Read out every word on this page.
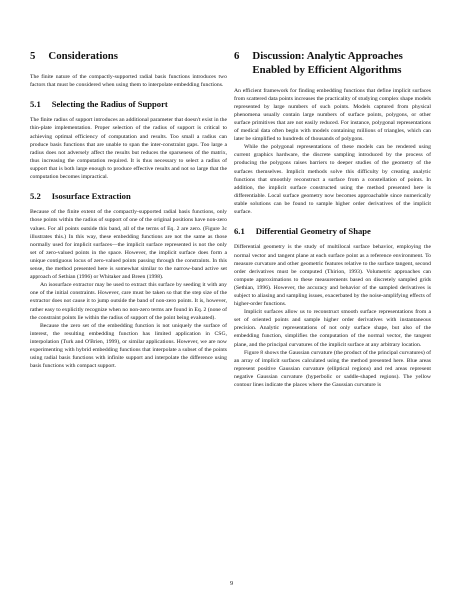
5 Considerations

The finite nature of the compactly-supported radial basis functions introduces two factors that must be considered when using them to interpolate embedding functions.

5.1 Selecting the Radius of Support

The finite radius of support introduces an additional parameter that doesn't exist in the thin-plate implementation. Proper selection of the radius of support is critical to achieving optimal efficiency of computation and results. Too small a radius can produce basis functions that are unable to span the inter-constraint gaps. Too large a radius does not adversely affect the results but reduces the sparseness of the matrix, thus increasing the computation required. It is thus necessary to select a radius of support that is both large enough to produce effective results and not so large that the computation becomes impractical.

5.2 Isosurface Extraction

Because of the finite extent of the compactly-supported radial basis functions, only those points within the radius of support of one of the original positions have non-zero values. For all points outside this band, all of the terms of Eq. 2 are zero. (Figure 3c illustrates this.) In this way, these embedding functions are not the same as those normally used for implicit surfaces—the implicit surface represented is not the only set of zero-valued points in the space. However, the implicit surface does form a unique contiguous locus of zero-valued points passing through the constraints. In this sense, the method presented here is somewhat similar to the narrow-band active set approach of Sethian (1996) or Whitaker and Breen (1998).

An isosurface extractor may be used to extract this surface by seeding it with any one of the initial constraints. However, care must be taken so that the step size of the extractor does not cause it to jump outside the band of non-zero points. It is, however, rather easy to explicitly recognize when no non-zero terms are found in Eq. 2 (none of the constraint points lie within the radius of support of the point being evaluated).

Because the zero set of the embedding function is not uniquely the surface of interest, the resulting embedding function has limited application in CSG, interpolation (Turk and O'Brien, 1999), or similar applications. However, we are now experimenting with hybrid embedding functions that interpolate a subset of the points using radial basis functions with infinite support and interpolate the difference using basis functions with compact support.

6 Discussion: Analytic Approaches Enabled by Efficient Algorithms

An efficient framework for finding embedding functions that define implicit surfaces from scattered data points increases the practicality of studying complex shape models represented by large numbers of such points. Models captured from physical phenomena usually contain large numbers of surface points, polygons, or other surface primitives that are not easily reduced. For instance, polygonal representations of medical data often begin with models containing millions of triangles, which can later be simplified to hundreds of thousands of polygons.

While the polygonal representations of these models can be rendered using current graphics hardware, the discrete sampling introduced by the process of producing the polygons raises barriers to deeper studies of the geometry of the surfaces themselves. Implicit methods solve this difficulty by creating analytic functions that smoothly reconstruct a surface from a constellation of points. In addition, the implicit surface constructed using the method presented here is differentiable. Local surface geometry now becomes approachable since numerically stable solutions can be found to sample higher order derivatives of the implicit surface.

6.1 Differential Geometry of Shape

Differential geometry is the study of multilocal surface behavior, employing the normal vector and tangent plane at each surface point as a reference environment. To measure curvature and other geometric features relative to the surface tangent, second order derivatives must be computed (Thirion, 1993). Volumetric approaches can compute approximations to these measurements based on discretely sampled grids (Sethian, 1996). However, the accuracy and behavior of the sampled derivatives is subject to aliasing and sampling issues, exacerbated by the noise-amplifying effects of higher-order functions.

Implicit surfaces allow us to reconstruct smooth surface representations from a set of oriented points and sample higher order derivatives with instantaneous precision. Analytic representations of not only surface shape, but also of the embedding function, simplifies the computation of the normal vector, the tangent plane, and the principal curvatures of the implicit surface at any arbitrary location.

Figure 8 shows the Gaussian curvature (the product of the principal curvatures) of an array of implicit surfaces calculated using the method presented here. Blue areas represent positive Gaussian curvature (elliptical regions) and red areas represent negative Gaussian curvature (hyperbolic or saddle-shaped regions). The yellow contour lines indicate the places where the Gaussian curvature is

9
